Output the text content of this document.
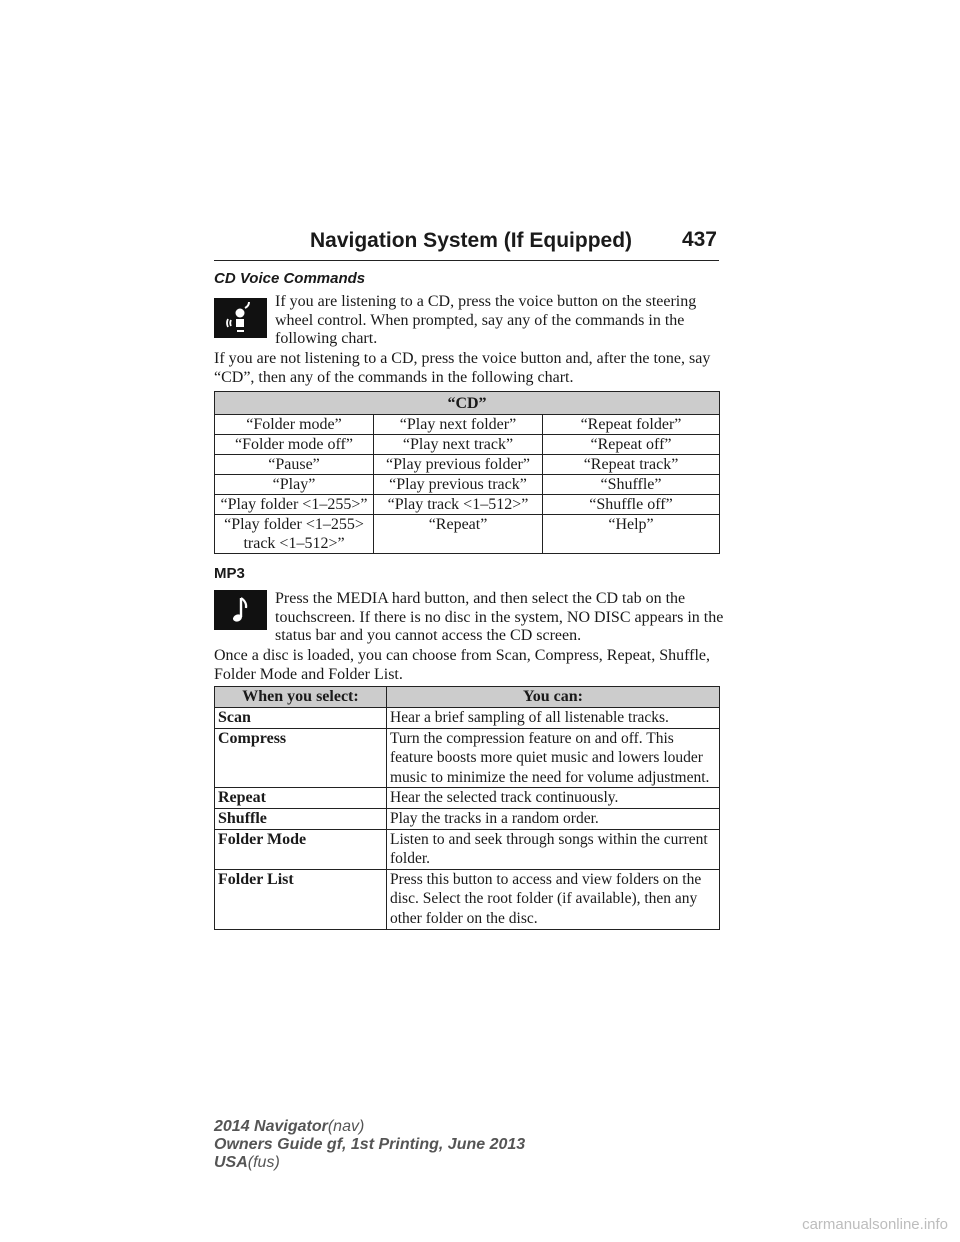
Navigation System (If Equipped) 437
CD Voice Commands

If you are listening to a CD, press the voice button on the steering wheel control. When prompted, say any of the commands in the following chart.

If you are not listening to a CD, press the voice button and, after the tone, say “CD”, then any of the commands in the following chart.

“CD”		
“Folder mode”	“Play next folder”	“Repeat folder”
“Folder mode off”	“Play next track”	“Repeat off”
“Pause”	“Play previous folder”	“Repeat track”
“Play”	“Play previous track”	“Shuffle”
“Play folder <1–255>”	“Play track <1–512>”	“Shuffle off”
“Play folder <1–255> track <1–512>”	“Repeat”	“Help”
MP3

Press the MEDIA hard button, and then select the CD tab on the touchscreen. If there is no disc in the system, NO DISC appears in the status bar and you cannot access the CD screen.

Once a disc is loaded, you can choose from Scan, Compress, Repeat, Shuffle, Folder Mode and Folder List.

When you select:	You can:
Scan	Hear a brief sampling of all listenable tracks.
Compress	Turn the compression feature on and off. This feature boosts more quiet music and lowers louder music to minimize the need for volume adjustment.
Repeat	Hear the selected track continuously.
Shuffle	Play the tracks in a random order.
Folder Mode	Listen to and seek through songs within the current folder.
Folder List	Press this button to access and view folders on the disc. Select the root folder (if available), then any other folder on the disc.
2014 Navigator(nav)
Owners Guide gf, 1st Printing, June 2013
USA(fus)
carmanualsonline.info
